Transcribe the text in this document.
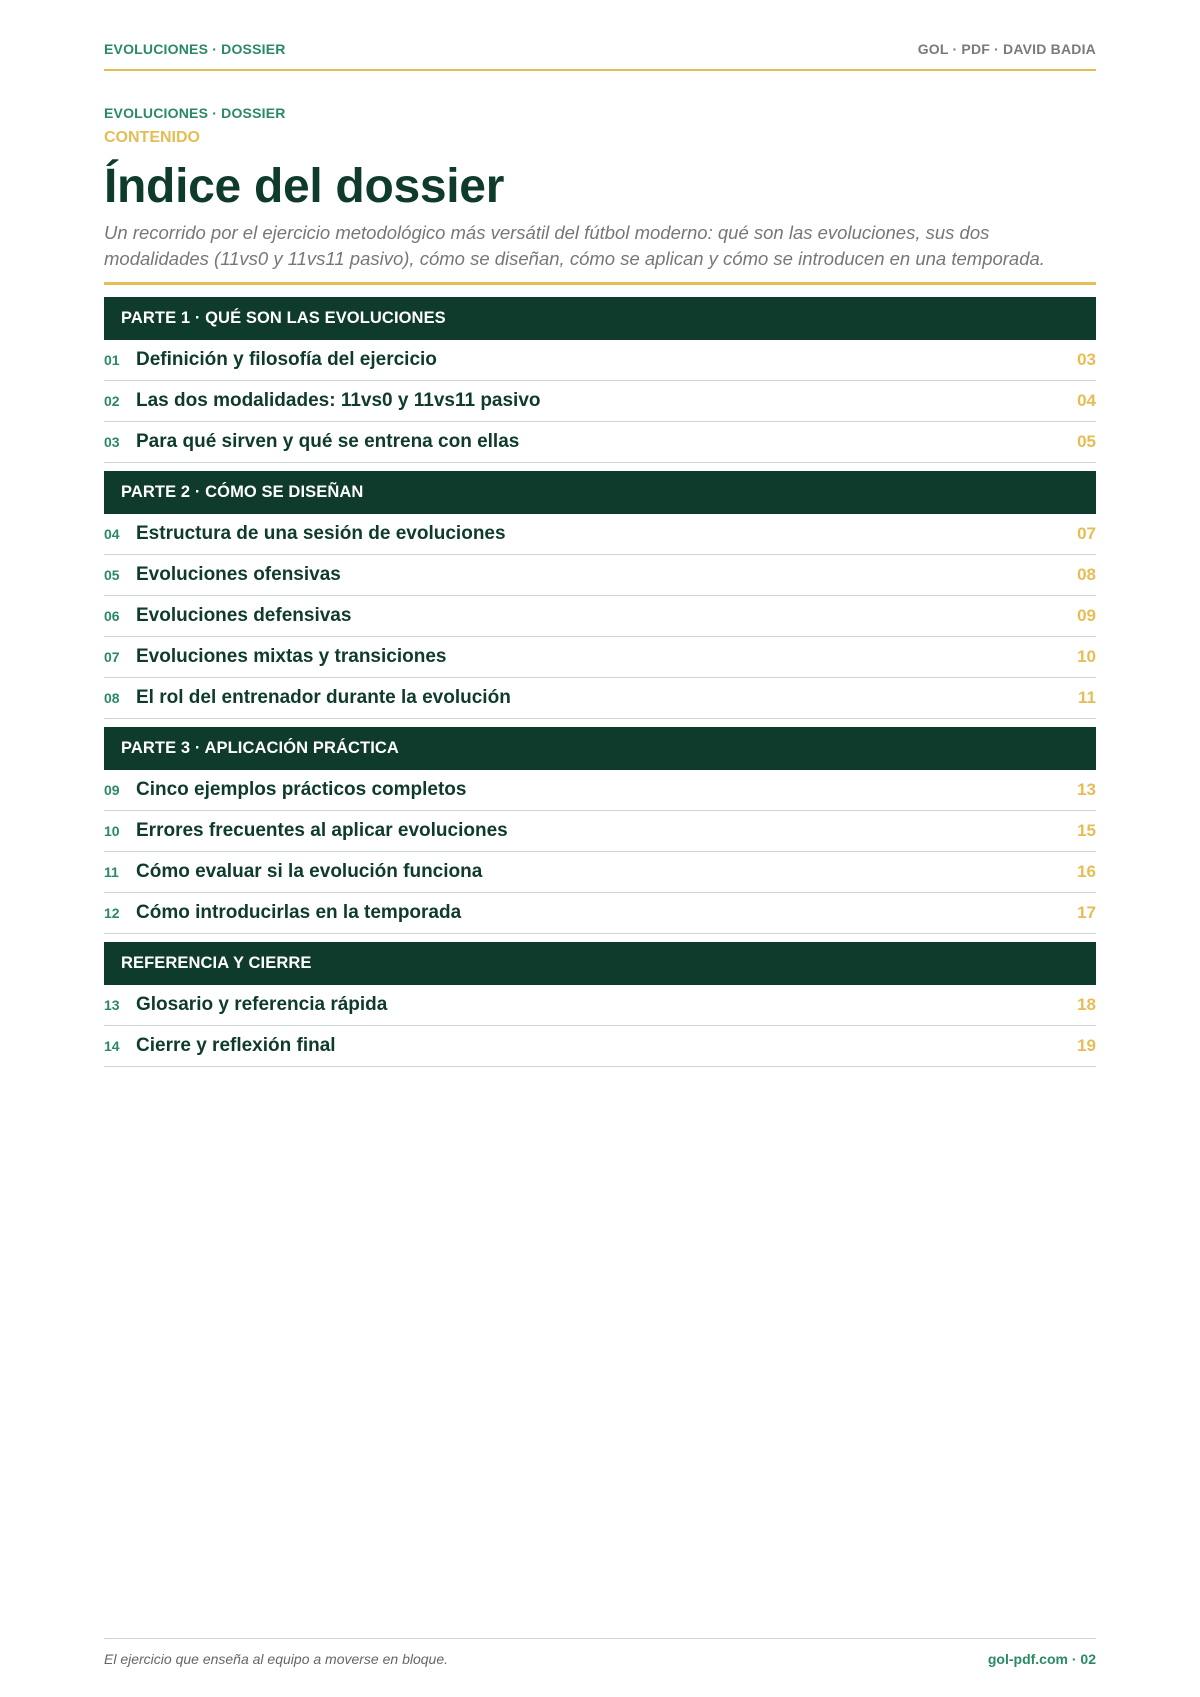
EVOLUCIONES · DOSSIER	GOL · PDF · DAVID BADIA
EVOLUCIONES · DOSSIER
CONTENIDO
Índice del dossier
Un recorrido por el ejercicio metodológico más versátil del fútbol moderno: qué son las evoluciones, sus dos modalidades (11vs0 y 11vs11 pasivo), cómo se diseñan, cómo se aplican y cómo se introducen en una temporada.
PARTE 1 · QUÉ SON LAS EVOLUCIONES
01 Definición y filosofía del ejercicio	03
02 Las dos modalidades: 11vs0 y 11vs11 pasivo	04
03 Para qué sirven y qué se entrena con ellas	05
PARTE 2 · CÓMO SE DISEÑAN
04 Estructura de una sesión de evoluciones	07
05 Evoluciones ofensivas	08
06 Evoluciones defensivas	09
07 Evoluciones mixtas y transiciones	10
08 El rol del entrenador durante la evolución	11
PARTE 3 · APLICACIÓN PRÁCTICA
09 Cinco ejemplos prácticos completos	13
10 Errores frecuentes al aplicar evoluciones	15
11 Cómo evaluar si la evolución funciona	16
12 Cómo introducirlas en la temporada	17
REFERENCIA Y CIERRE
13 Glosario y referencia rápida	18
14 Cierre y reflexión final	19
El ejercicio que enseña al equipo a moverse en bloque.	gol-pdf.com · 02
